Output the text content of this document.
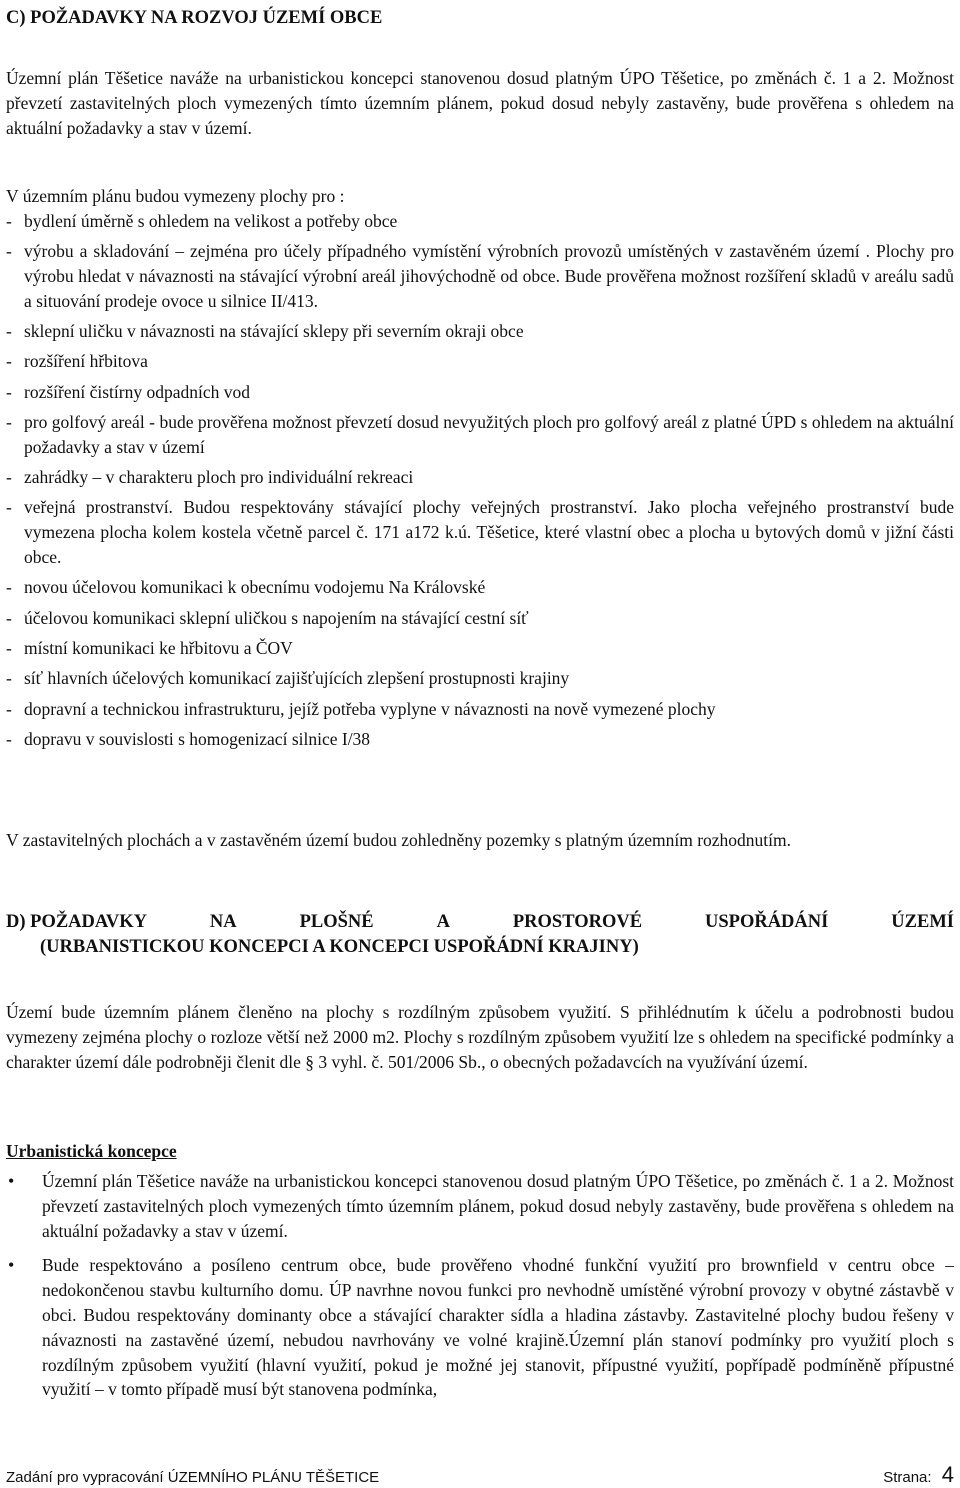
C) POŽADAVKY NA ROZVOJ ÚZEMÍ OBCE
Územní plán Těšetice naváže na urbanistickou koncepci stanovenou dosud platným ÚPO Těšetice, po změnách č. 1 a 2. Možnost převzetí zastavitelných ploch vymezených tímto územním plánem, pokud dosud nebyly zastavěny, bude prověřena s ohledem na aktuální požadavky a stav v území.
V územním plánu budou vymezeny plochy pro :
- bydlení úměrně s ohledem na velikost a potřeby obce
- výrobu a skladování – zejména pro účely případného vymístění výrobních provozů umístěných v zastavěném území . Plochy pro výrobu hledat v návaznosti na stávající výrobní areál jihovýchodně od obce. Bude prověřena možnost rozšíření skladů v areálu sadů a situování prodeje ovoce u silnice II/413.
- sklepní uličku v návaznosti na stávající sklepy při severním okraji obce
- rozšíření hřbitova
- rozšíření čistírny odpadních vod
- pro golfový areál - bude prověřena možnost převzetí dosud nevyužitých ploch pro golfový areál z platné ÚPD s ohledem na aktuální požadavky a stav v území
- zahrádky – v charakteru ploch pro individuální rekreaci
- veřejná prostranství. Budou respektovány stávající plochy veřejných prostranství. Jako plocha veřejného prostranství bude vymezena plocha kolem kostela včetně parcel č. 171 a172 k.ú. Těšetice, které vlastní obec a plocha u bytových domů v jižní části obce.
- novou účelovou komunikaci k obecnímu vodojemu Na Královské
- účelovou komunikaci sklepní uličkou s napojením na stávající cestní síť
- místní komunikaci ke hřbitovu a ČOV
- síť hlavních účelových komunikací zajišťujících zlepšení prostupnosti krajiny
- dopravní a technickou infrastrukturu, jejíž potřeba vyplyne v návaznosti na nově vymezené plochy
- dopravu v souvislosti s homogenizací silnice I/38
V zastavitelných plochách a v zastavěném území budou zohledněny pozemky s platným územním rozhodnutím.
D) POŽADAVKY	NA	PLOŠNÉ	A	PROSTOROVÉ	USPOŘÁDÁNÍ	ÚZEMÍ
(URBANISTICKOU KONCEPCI A KONCEPCI USPOŘÁDNÍ KRAJINY)
Území bude územním plánem členěno na plochy s rozdílným způsobem využití. S přihlédnutím k účelu a podrobnosti budou vymezeny zejména plochy o rozloze větší než 2000 m2. Plochy s rozdílným způsobem využití lze s ohledem na specifické podmínky a charakter území dále podrobněji členit dle § 3 vyhl. č. 501/2006 Sb., o obecných požadavcích na využívání území.
Urbanistická koncepce
• Územní plán Těšetice naváže na urbanistickou koncepci stanovenou dosud platným ÚPO Těšetice, po změnách č. 1 a 2. Možnost převzetí zastavitelných ploch vymezených tímto územním plánem, pokud dosud nebyly zastavěny, bude prověřena s ohledem na aktuální požadavky a stav v území.
• Bude respektováno a posíleno centrum obce, bude prověřeno vhodné funkční využití pro brownfield v centru obce – nedokončenou stavbu kulturního domu. ÚP navrhne novou funkci pro nevhodně umístěné výrobní provozy v obytné zástavbě v obci. Budou respektovány dominanty obce a stávající charakter sídla a hladina zástavby. Zastavitelné plochy budou řešeny v návaznosti na zastavěné území, nebudou navrhovány ve volné krajině.Územní plán stanoví podmínky pro využití ploch s rozdílným způsobem využití (hlavní využití, pokud je možné jej stanovit, přípustné využití, popřípadě podmíněně přípustné využití – v tomto případě musí být stanovena podmínka,
Zadání pro vypracování ÚZEMNÍHO PLÁNU TĚŠETICE	Strana: 4
